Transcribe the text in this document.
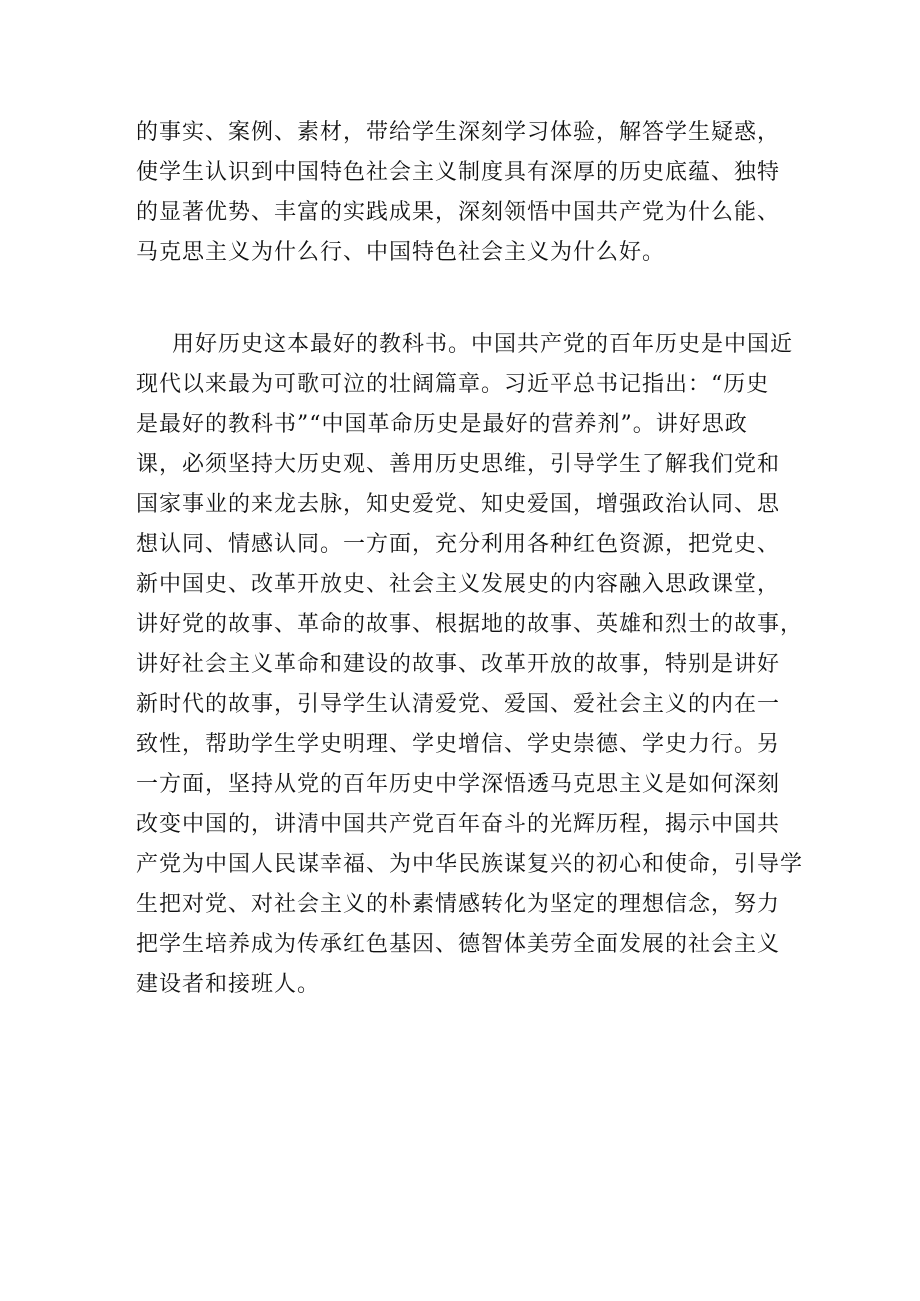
的事实、案例、素材，带给学生深刻学习体验，解答学生疑惑，
使学生认识到中国特色社会主义制度具有深厚的历史底蕴、独特
的显著优势、丰富的实践成果，深刻领悟中国共产党为什么能、
马克思主义为什么行、中国特色社会主义为什么好。
用好历史这本最好的教科书。中国共产党的百年历史是中国近
现代以来最为可歌可泣的壮阔篇章。习近平总书记指出：“历史
是最好的教科书”“中国革命历史是最好的营养剂”。讲好思政
课，必须坚持大历史观、善用历史思维，引导学生了解我们党和
国家事业的来龙去脉，知史爱党、知史爱国，增强政治认同、思
想认同、情感认同。一方面，充分利用各种红色资源，把党史、
新中国史、改革开放史、社会主义发展史的内容融入思政课堂，
讲好党的故事、革命的故事、根据地的故事、英雄和烈士的故事，
讲好社会主义革命和建设的故事、改革开放的故事，特别是讲好
新时代的故事，引导学生认清爱党、爱国、爱社会主义的内在一
致性，帮助学生学史明理、学史增信、学史崇德、学史力行。另
一方面，坚持从党的百年历史中学深悟透马克思主义是如何深刻
改变中国的，讲清中国共产党百年奋斗的光辉历程，揭示中国共
产党为中国人民谋幸福、为中华民族谋复兴的初心和使命，引导学
生把对党、对社会主义的朴素情感转化为坚定的理想信念，努力
把学生培养成为传承红色基因、德智体美劳全面发展的社会主义
建设者和接班人。
